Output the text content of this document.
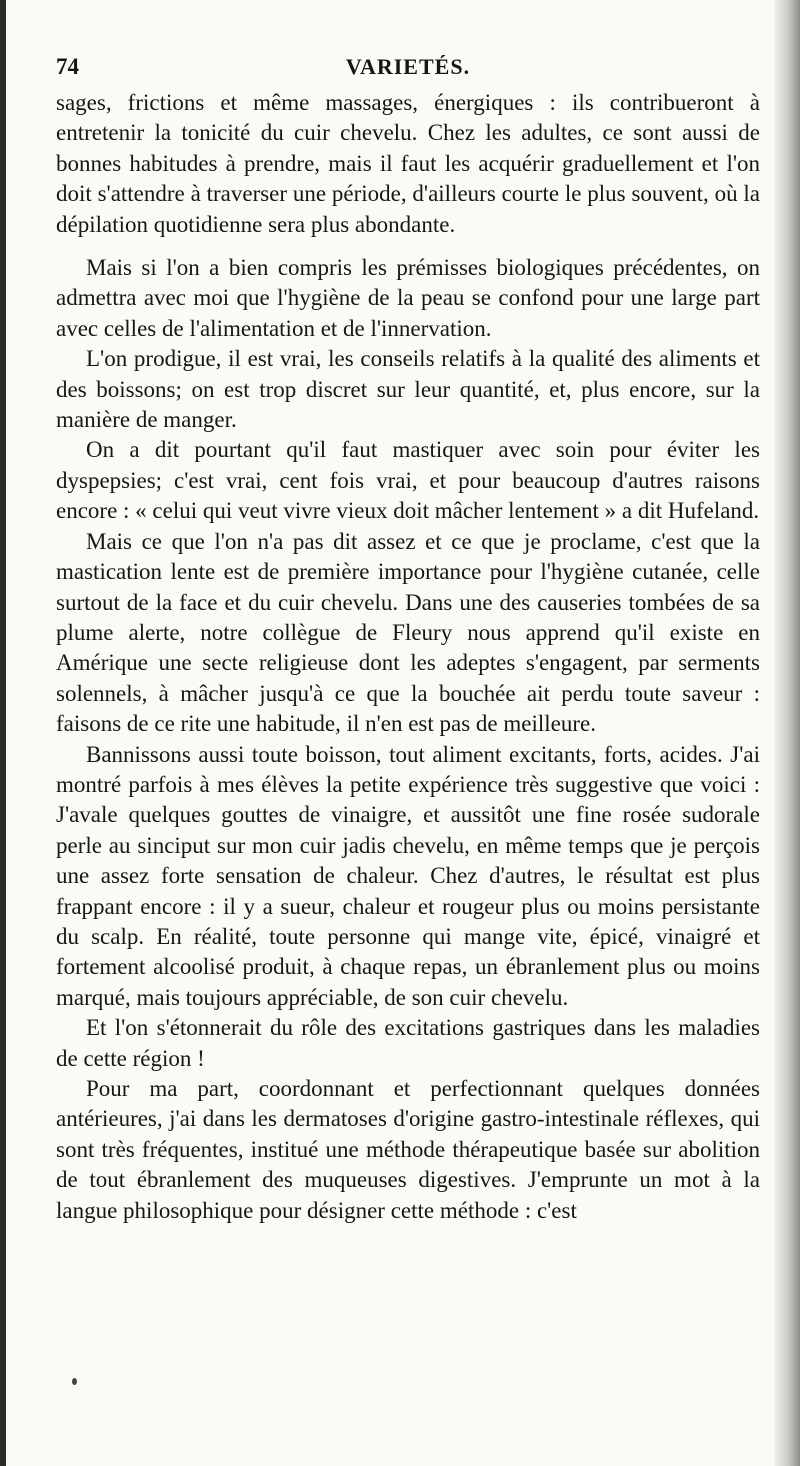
74	VARIETÉS.

sages, frictions et même massages, énergiques : ils contribueront à entretenir la tonicité du cuir chevelu. Chez les adultes, ce sont aussi de bonnes habitudes à prendre, mais il faut les acquérir graduellement et l'on doit s'attendre à traverser une période, d'ailleurs courte le plus souvent, où la dépilation quotidienne sera plus abondante.

Mais si l'on a bien compris les prémisses biologiques précédentes, on admettra avec moi que l'hygiène de la peau se confond pour une large part avec celles de l'alimentation et de l'innervation.

L'on prodigue, il est vrai, les conseils relatifs à la qualité des aliments et des boissons; on est trop discret sur leur quantité, et, plus encore, sur la manière de manger.

On a dit pourtant qu'il faut mastiquer avec soin pour éviter les dyspepsies; c'est vrai, cent fois vrai, et pour beaucoup d'autres raisons encore : « celui qui veut vivre vieux doit mâcher lentement » a dit Hufeland.

Mais ce que l'on n'a pas dit assez et ce que je proclame, c'est que la mastication lente est de première importance pour l'hygiène cutanée, celle surtout de la face et du cuir chevelu. Dans une des causeries tombées de sa plume alerte, notre collègue de Fleury nous apprend qu'il existe en Amérique une secte religieuse dont les adeptes s'engagent, par serments solennels, à mâcher jusqu'à ce que la bouchée ait perdu toute saveur : faisons de ce rite une habitude, il n'en est pas de meilleure.

Bannissons aussi toute boisson, tout aliment excitants, forts, acides. J'ai montré parfois à mes élèves la petite expérience très suggestive que voici : J'avale quelques gouttes de vinaigre, et aussitôt une fine rosée sudorale perle au sinciput sur mon cuir jadis chevelu, en même temps que je perçois une assez forte sensation de chaleur. Chez d'autres, le résultat est plus frappant encore : il y a sueur, chaleur et rougeur plus ou moins persistante du scalp. En réalité, toute personne qui mange vite, épicé, vinaigré et fortement alcoolisé produit, à chaque repas, un ébranlement plus ou moins marqué, mais toujours appréciable, de son cuir chevelu.

Et l'on s'étonnerait du rôle des excitations gastriques dans les maladies de cette région !

Pour ma part, coordonnant et perfectionnant quelques données antérieures, j'ai dans les dermatoses d'origine gastro-intestinale réflexes, qui sont très fréquentes, institué une méthode thérapeutique basée sur abolition de tout ébranlement des muqueuses digestives. J'emprunte un mot à la langue philosophique pour désigner cette méthode : c'est
